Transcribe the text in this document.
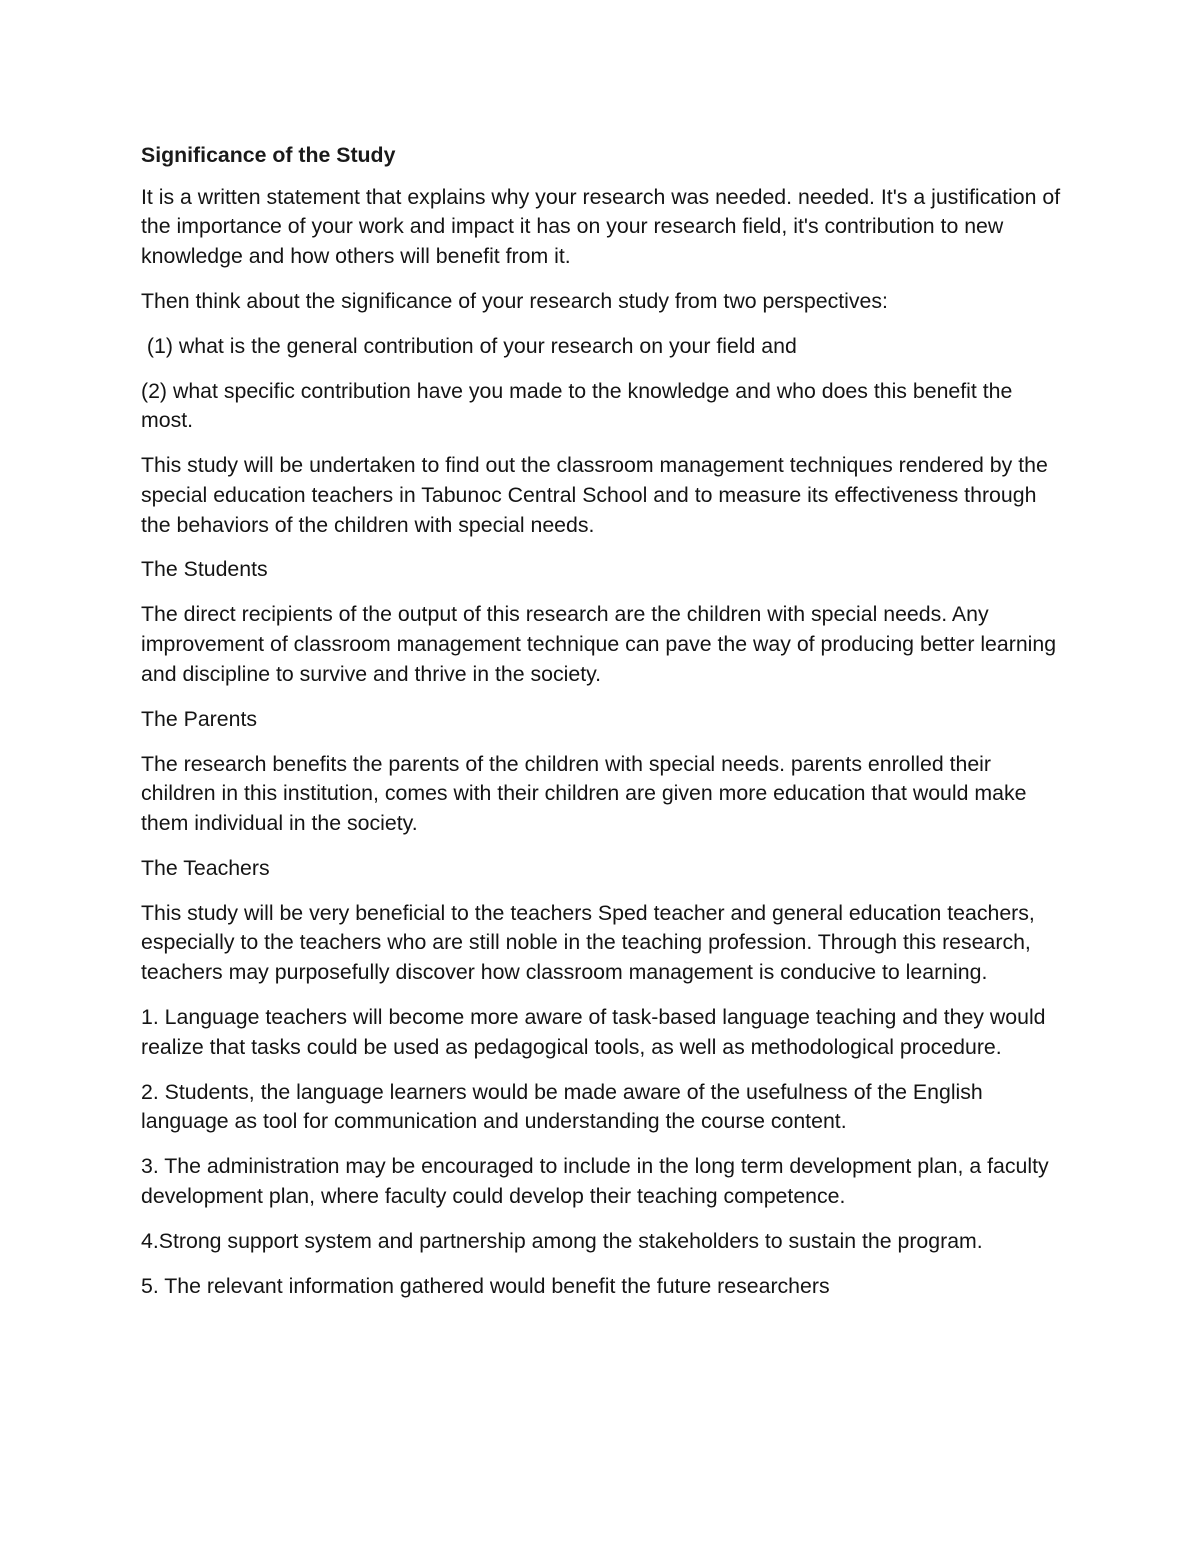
Significance of the Study

It is a written statement that explains why your research was needed. needed. It's a justification of the importance of your work and impact it has on your research field, it's contribution to new knowledge and how others will benefit from it.

Then think about the significance of your research study from two perspectives:

(1) what is the general contribution of your research on your field and

(2) what specific contribution have you made to the knowledge and who does this benefit the most.

This study will be undertaken to find out the classroom management techniques rendered by the special education teachers in Tabunoc Central School and to measure its effectiveness through the behaviors of the children with special needs.

The Students

The direct recipients of the output of this research are the children with special needs. Any improvement of classroom management technique can pave the way of producing better learning and discipline to survive and thrive in the society.

The Parents

The research benefits the parents of the children with special needs. parents enrolled their children in this institution, comes with their children are given more education that would make them individual in the society.

The Teachers

This study will be very beneficial to the teachers Sped teacher and general education teachers, especially to the teachers who are still noble in the teaching profession. Through this research, teachers may purposefully discover how classroom management is conducive to learning.

1. Language teachers will become more aware of task-based language teaching and they would realize that tasks could be used as pedagogical tools, as well as methodological procedure.

2. Students, the language learners would be made aware of the usefulness of the English language as tool for communication and understanding the course content.

3. The administration may be encouraged to include in the long term development plan, a faculty development plan, where faculty could develop their teaching competence.

4.Strong support system and partnership among the stakeholders to sustain the program.

5. The relevant information gathered would benefit the future researchers
